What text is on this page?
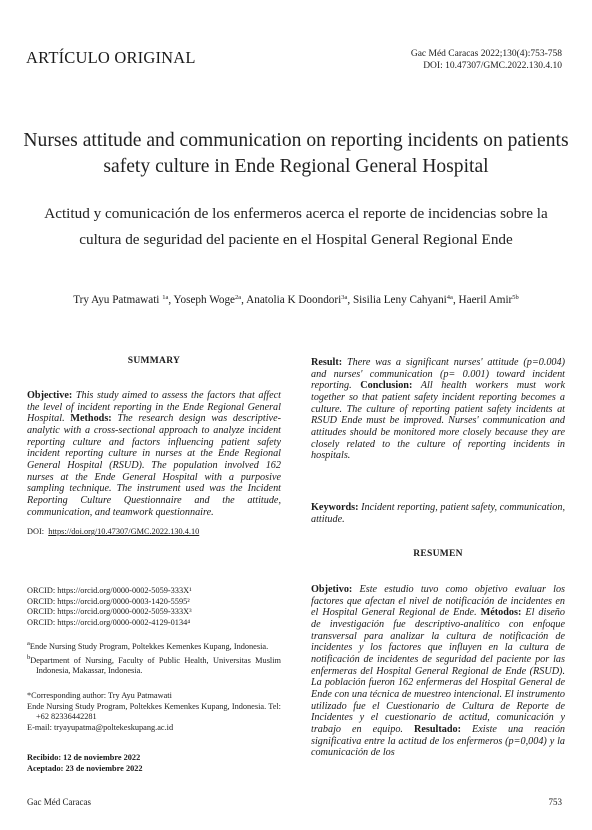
ARTÍCULO ORIGINAL	Gac Méd Caracas 2022;130(4):753-758
DOI: 10.47307/GMC.2022.130.4.10
Nurses attitude and communication on reporting incidents on patients safety culture in Ende Regional General Hospital
Actitud y comunicación de los enfermeros acerca el reporte de incidencias sobre la cultura de seguridad del paciente en el Hospital General Regional Ende
Try Ayu Patmawati $^{1a}$, Yoseph Woge$^{2a}$, Anatolia K Doondori$^{3a}$, Sisilia Leny Cahyani$^{4a}$, Haeril Amir$^{5b}$
SUMMARY
Objective: This study aimed to assess the factors that affect the level of incident reporting in the Ende Regional General Hospital. Methods: The research design was descriptive-analytic with a cross-sectional approach to analyze incident reporting culture and factors influencing patient safety incident reporting culture in nurses at the Ende Regional General Hospital (RSUD). The population involved 162 nurses at the Ende General Hospital with a purposive sampling technique. The instrument used was the Incident Reporting Culture Questionnaire and the attitude, communication, and teamwork questionnaire.
DOI: https://doi.org/10.47307/GMC.2022.130.4.10
ORCID: https://orcid.org/0000-0002-5059-333X¹
ORCID: https://orcid.org/0000-0003-1420-5595²
ORCID: https://orcid.org/0000-0002-5059-333X³
ORCID: https://orcid.org/0000-0002-4129-0134⁴
$^a$Ende Nursing Study Program, Poltekkes Kemenkes Kupang, Indonesia.
$^b$Department of Nursing, Faculty of Public Health, Universitas Muslim Indonesia, Makassar, Indonesia.
*Corresponding author: Try Ayu Patmawati
Ende Nursing Study Program, Poltekkes Kemenkes Kupang, Indonesia. Tel: +62 82336442281
E-mail: tryayupatma@poltekeskupang.ac.id
Recibido: 12 de noviembre 2022
Aceptado: 23 de noviembre 2022
Result: There was a significant nurses' attitude (p=0.004) and nurses' communication (p= 0.001) toward incident reporting. Conclusion: All health workers must work together so that patient safety incident reporting becomes a culture. The culture of reporting patient safety incidents at RSUD Ende must be improved. Nurses' communication and attitudes should be monitored more closely because they are closely related to the culture of reporting incidents in hospitals.
Keywords: Incident reporting, patient safety, communication, attitude.
RESUMEN
Objetivo: Este estudio tuvo como objetivo evaluar los factores que afectan el nivel de notificación de incidentes en el Hospital General Regional de Ende. Métodos: El diseño de investigación fue descriptivo-analítico con enfoque transversal para analizar la cultura de notificación de incidentes y los factores que influyen en la cultura de notificación de incidentes de seguridad del paciente por las enfermeras del Hospital General Regional de Ende (RSUD). La población fueron 162 enfermeras del Hospital General de Ende con una técnica de muestreo intencional. El instrumento utilizado fue el Cuestionario de Cultura de Reporte de Incidentes y el cuestionario de actitud, comunicación y trabajo en equipo. Resultado: Existe una reación significativa entre la actitud de los enfermeros (p=0,004) y la comunicación de los
Gac Méd Caracas	753
